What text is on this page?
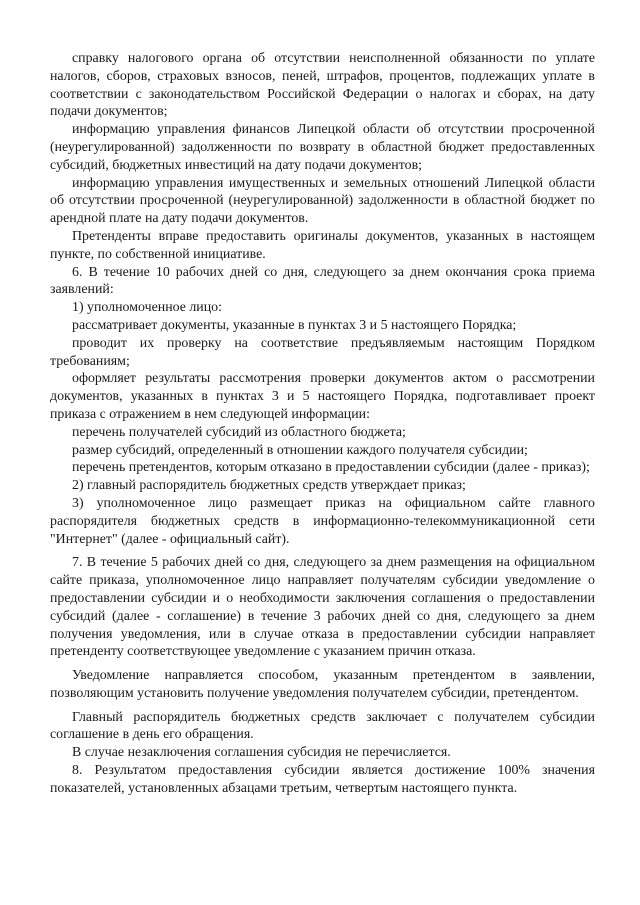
справку налогового органа об отсутствии неисполненной обязанности по уплате налогов, сборов, страховых взносов, пеней, штрафов, процентов, подлежащих уплате в соответствии с законодательством Российской Федерации о налогах и сборах, на дату подачи документов;

информацию управления финансов Липецкой области об отсутствии просроченной (неурегулированной) задолженности по возврату в областной бюджет предоставленных субсидий, бюджетных инвестиций на дату подачи документов;

информацию управления имущественных и земельных отношений Липецкой области об отсутствии просроченной (неурегулированной) задолженности в областной бюджет по арендной плате на дату подачи документов.

Претенденты вправе предоставить оригиналы документов, указанных в настоящем пункте, по собственной инициативе.

6. В течение 10 рабочих дней со дня, следующего за днем окончания срока приема заявлений:

1) уполномоченное лицо:

рассматривает документы, указанные в пунктах 3 и 5 настоящего Порядка;

проводит их проверку на соответствие предъявляемым настоящим Порядком требованиям;

оформляет результаты рассмотрения проверки документов актом о рассмотрении документов, указанных в пунктах 3 и 5 настоящего Порядка, подготавливает проект приказа с отражением в нем следующей информации:

перечень получателей субсидий из областного бюджета;

размер субсидий, определенный в отношении каждого получателя субсидии;

перечень претендентов, которым отказано в предоставлении субсидии (далее - приказ);

2) главный распорядитель бюджетных средств утверждает приказ;

3) уполномоченное лицо размещает приказ на официальном сайте главного распорядителя бюджетных средств в информационно-телекоммуникационной сети "Интернет" (далее - официальный сайт).

7. В течение 5 рабочих дней со дня, следующего за днем размещения на официальном сайте приказа, уполномоченное лицо направляет получателям субсидии уведомление о предоставлении субсидии и о необходимости заключения соглашения о предоставлении субсидий (далее - соглашение) в течение 3 рабочих дней со дня, следующего за днем получения уведомления, или в случае отказа в предоставлении субсидии направляет претенденту соответствующее уведомление с указанием причин отказа.

Уведомление направляется способом, указанным претендентом в заявлении, позволяющим установить получение уведомления получателем субсидии, претендентом.

Главный распорядитель бюджетных средств заключает с получателем субсидии соглашение в день его обращения.

В случае незаключения соглашения субсидия не перечисляется.

8. Результатом предоставления субсидии является достижение 100% значения показателей, установленных абзацами третьим, четвертым настоящего пункта.
